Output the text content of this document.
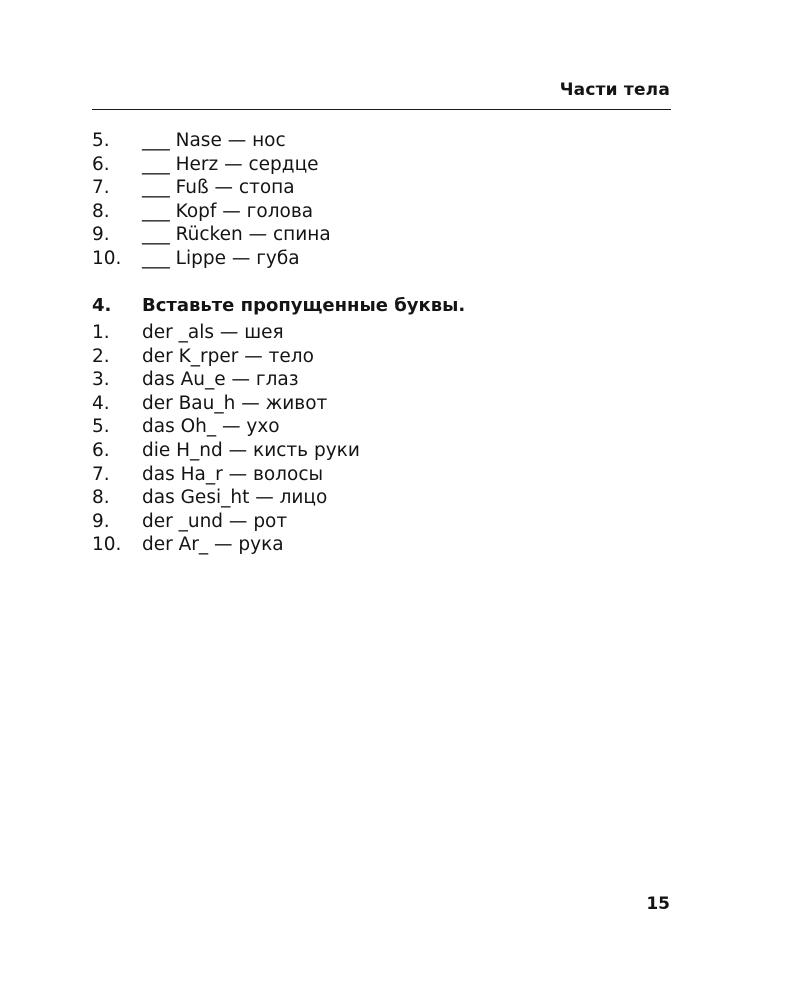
Части тела
5. ___ Nase — нос
6. ___ Herz — сердце
7. ___ Fuß — стопа
8. ___ Kopf — голова
9. ___ Rücken — спина
10. ___ Lippe — губа
4. Вставьте пропущенные буквы.
1. der _als — шея
2. der K_rper — тело
3. das Au_e — глаз
4. der Bau_h — живот
5. das Oh_ — ухо
6. die H_nd — кисть руки
7. das Ha_r — волосы
8. das Gesi_ht — лицо
9. der _und — рот
10. der Ar_ — рука
15
